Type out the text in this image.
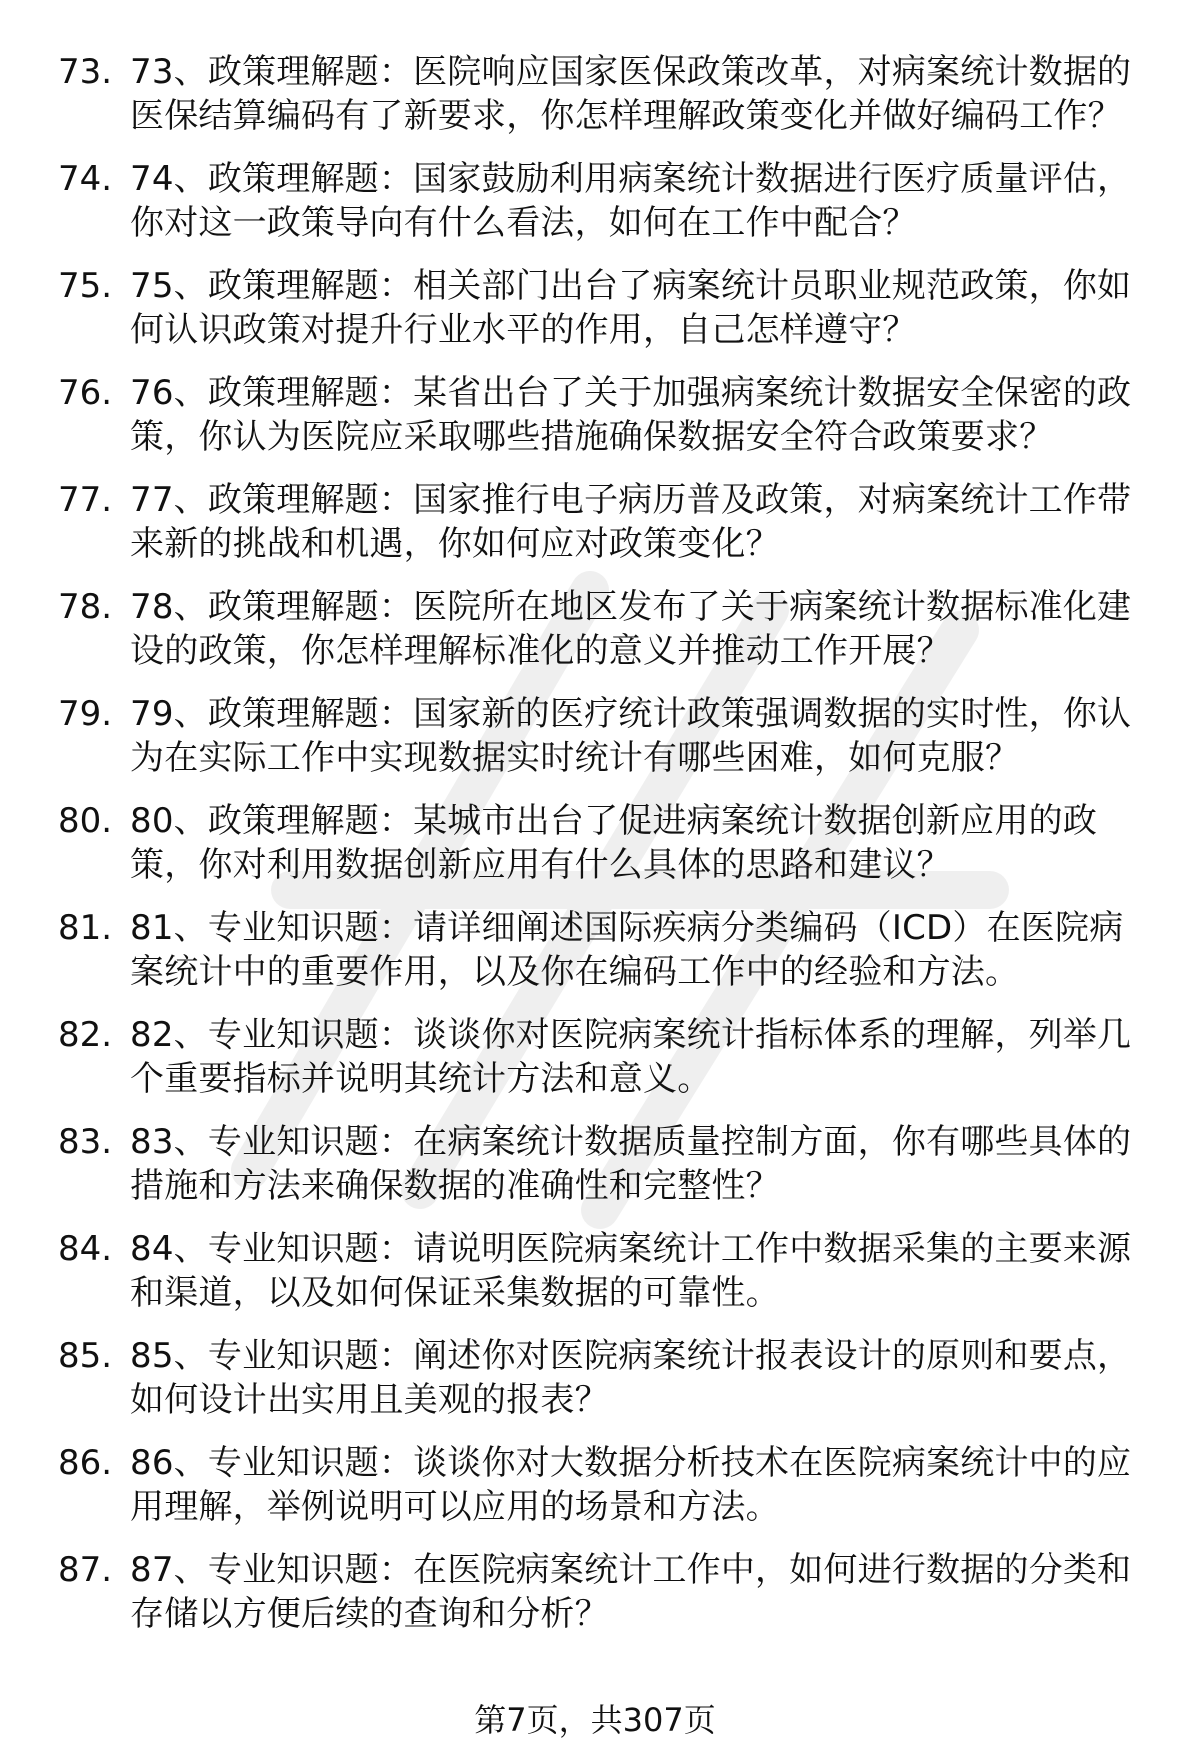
73. 73、政策理解题：医院响应国家医保政策改革，对病案统计数据的医保结算编码有了新要求，你怎样理解政策变化并做好编码工作？
74. 74、政策理解题：国家鼓励利用病案统计数据进行医疗质量评估，你对这一政策导向有什么看法，如何在工作中配合？
75. 75、政策理解题：相关部门出台了病案统计员职业规范政策，你如何认识政策对提升行业水平的作用，自己怎样遵守？
76. 76、政策理解题：某省出台了关于加强病案统计数据安全保密的政策，你认为医院应采取哪些措施确保数据安全符合政策要求？
77. 77、政策理解题：国家推行电子病历普及政策，对病案统计工作带来新的挑战和机遇，你如何应对政策变化？
78. 78、政策理解题：医院所在地区发布了关于病案统计数据标准化建设的政策，你怎样理解标准化的意义并推动工作开展？
79. 79、政策理解题：国家新的医疗统计政策强调数据的实时性，你认为在实际工作中实现数据实时统计有哪些困难，如何克服？
80. 80、政策理解题：某城市出台了促进病案统计数据创新应用的政策，你对利用数据创新应用有什么具体的思路和建议？
81. 81、专业知识题：请详细阐述国际疾病分类编码（ICD）在医院病案统计中的重要作用，以及你在编码工作中的经验和方法。
82. 82、专业知识题：谈谈你对医院病案统计指标体系的理解，列举几个重要指标并说明其统计方法和意义。
83. 83、专业知识题：在病案统计数据质量控制方面，你有哪些具体的措施和方法来确保数据的准确性和完整性？
84. 84、专业知识题：请说明医院病案统计工作中数据采集的主要来源和渠道，以及如何保证采集数据的可靠性。
85. 85、专业知识题：阐述你对医院病案统计报表设计的原则和要点，如何设计出实用且美观的报表？
86. 86、专业知识题：谈谈你对大数据分析技术在医院病案统计中的应用理解，举例说明可以应用的场景和方法。
87. 87、专业知识题：在医院病案统计工作中，如何进行数据的分类和存储以方便后续的查询和分析？
第7页，共307页
